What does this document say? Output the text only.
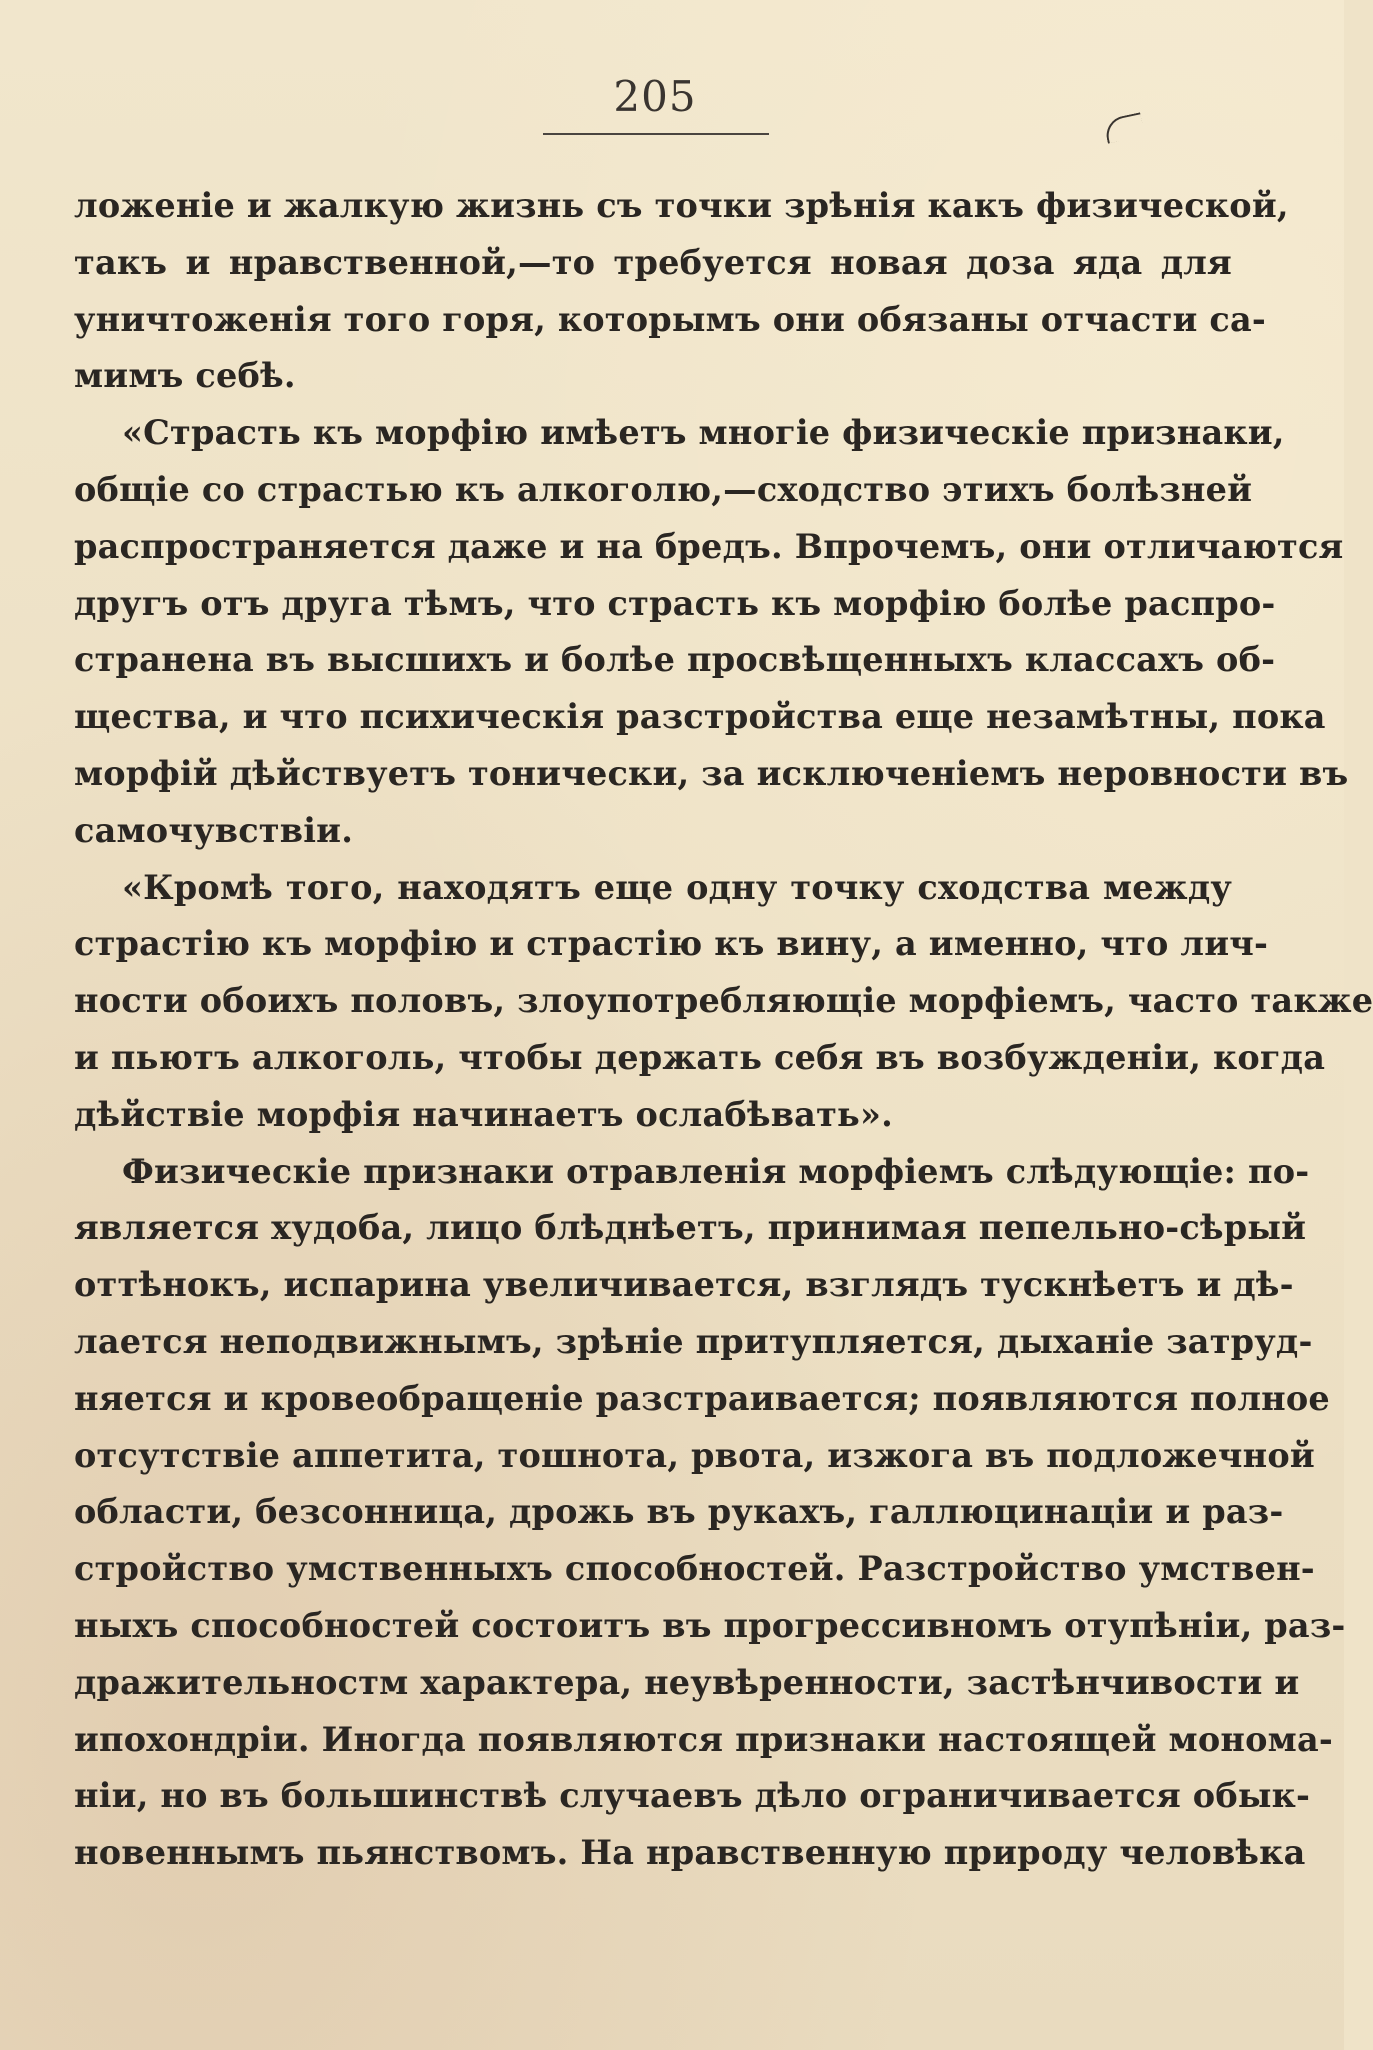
205
ложеніе и жалкую жизнь съ точки зрѣнія какъ физической,
такъ и нравственной,—то требуется новая доза яда для
уничтоженія того горя, которымъ они обязаны отчасти са-
мимъ себѣ.
«Страсть къ морфію имѣетъ многіе физическіе признаки,
общіе со страстью къ алкоголю,—сходство этихъ болѣзней
распространяется даже и на бредъ. Впрочемъ, они отличаются
другъ отъ друга тѣмъ, что страсть къ морфію болѣе распро-
странена въ высшихъ и болѣе просвѣщенныхъ классахъ об-
щества, и что психическія разстройства еще незамѣтны, пока
морфій дѣйствуетъ тонически, за исключеніемъ неровности въ
самочувствіи.
«Кромѣ того, находятъ еще одну точку сходства между
страстію къ морфію и страстію къ вину, а именно, что лич-
ности обоихъ половъ, злоупотребляющіе морфіемъ, часто также
и пьютъ алкоголь, чтобы держать себя въ возбужденіи, когда
дѣйствіе морфія начинаетъ ослабѣвать».
Физическіе признаки отравленія морфіемъ слѣдующіе: по-
является худоба, лицо блѣднѣетъ, принимая пепельно-сѣрый
оттѣнокъ, испарина увеличивается, взглядъ тускнѣетъ и дѣ-
лается неподвижнымъ, зрѣніе притупляется, дыханіе затруд-
няется и кровеобращеніе разстраивается; появляются полное
отсутствіе аппетита, тошнота, рвота, изжога въ подложечной
области, безсонница, дрожь въ рукахъ, галлюцинаціи и раз-
стройство умственныхъ способностей. Разстройство умствен-
ныхъ способностей состоитъ въ прогрессивномъ отупѣніи, раз-
дражительностм характера, неувѣренности, застѣнчивости и
ипохондріи. Иногда появляются признаки настоящей монома-
ніи, но въ большинствѣ случаевъ дѣло ограничивается обык-
новеннымъ пьянствомъ. На нравственную природу человѣка
